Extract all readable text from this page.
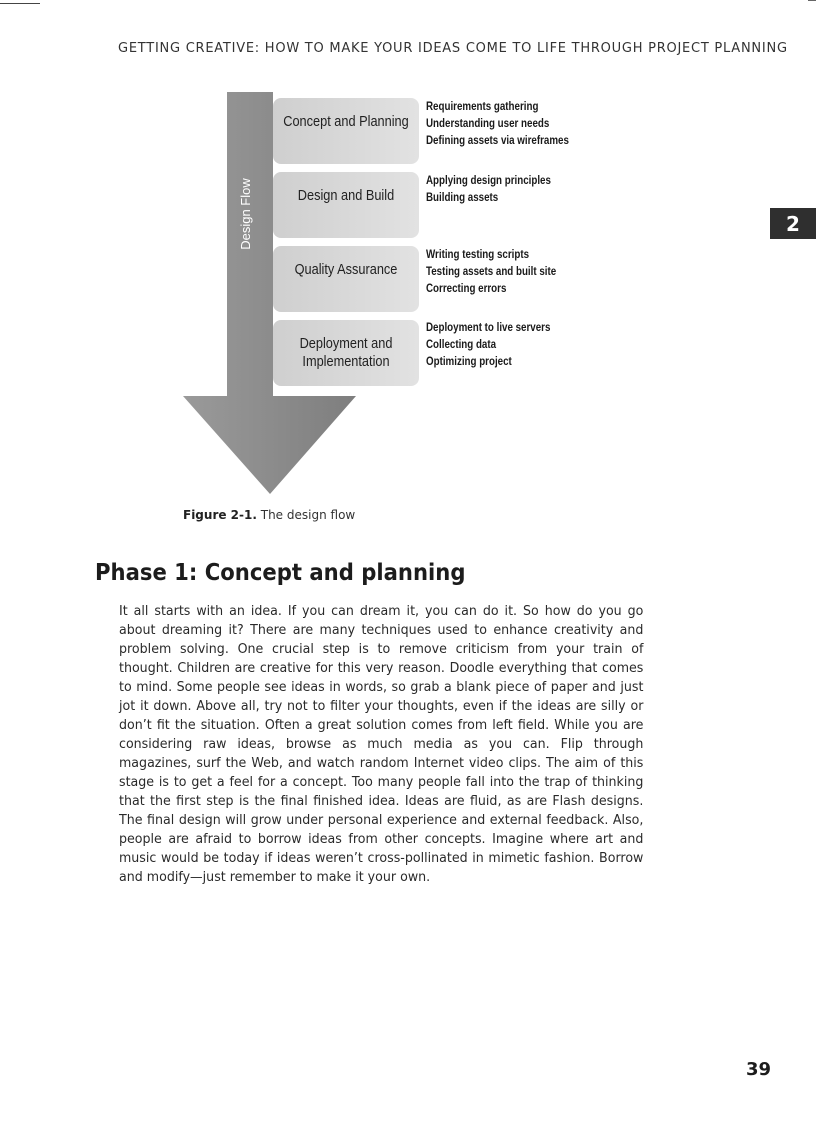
GETTING CREATIVE: HOW TO MAKE YOUR IDEAS COME TO LIFE THROUGH PROJECT PLANNING
2
Design Flow
Concept and Planning
Design and Build
Quality Assurance
Deployment and Implementation
Requirements gathering
Understanding user needs
Defining assets via wireframes
Applying design principles
Building assets
Writing testing scripts
Testing assets and built site
Correcting errors
Deployment to live servers
Collecting data
Optimizing project
Figure 2-1. The design flow
Phase 1: Concept and planning

It all starts with an idea. If you can dream it, you can do it. So how do you go about dreaming it? There are many techniques used to enhance creativity and problem solving. One crucial step is to remove criticism from your train of thought. Children are creative for this very reason. Doodle everything that comes to mind. Some people see ideas in words, so grab a blank piece of paper and just jot it down. Above all, try not to filter your thoughts, even if the ideas are silly or don’t fit the situation. Often a great solution comes from left field. While you are considering raw ideas, browse as much media as you can. Flip through magazines, surf the Web, and watch random Internet video clips. The aim of this stage is to get a feel for a concept. Too many people fall into the trap of thinking that the first step is the final finished idea. Ideas are fluid, as are Flash designs. The final design will grow under personal experience and external feedback. Also, people are afraid to borrow ideas from other concepts. Imagine where art and music would be today if ideas weren’t cross-pollinated in mimetic fashion. Borrow and modify—just remember to make it your own.

39
